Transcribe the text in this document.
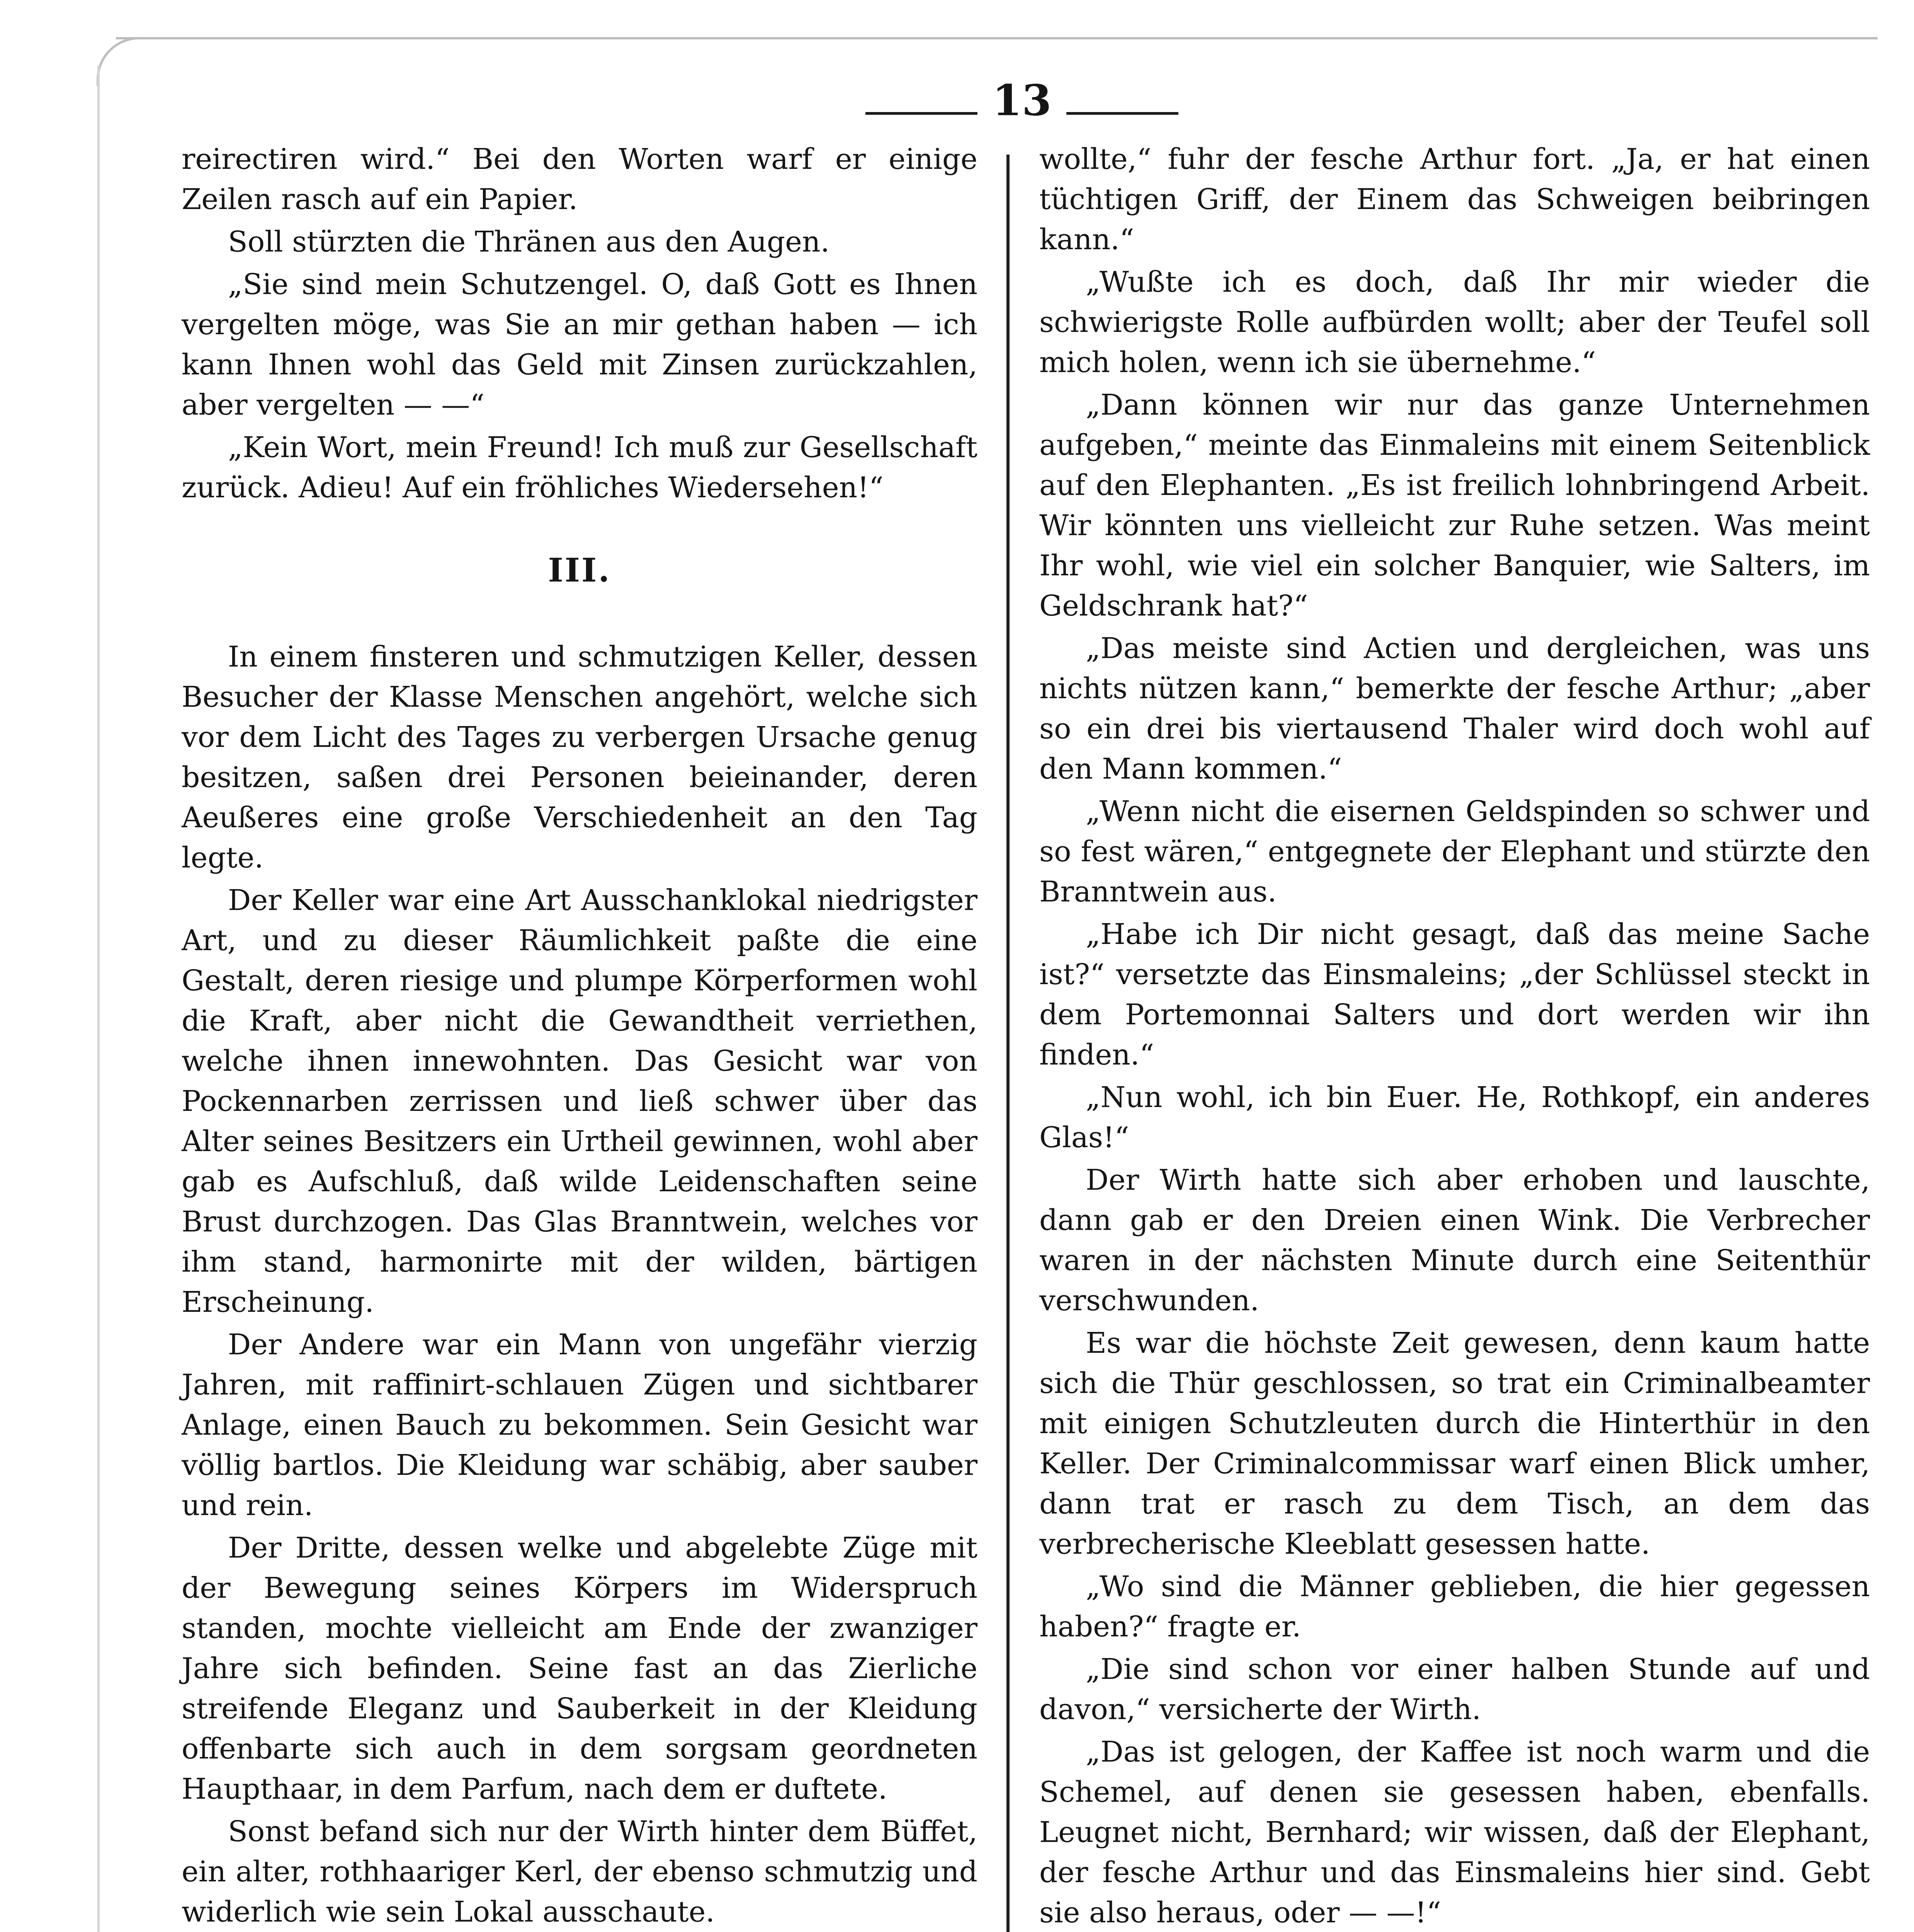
13

reirectiren wird.“ Bei den Worten warf er einige Zeilen rasch auf ein Papier.

Soll stürzten die Thränen aus den Augen.

„Sie sind mein Schutzengel. O, daß Gott es Ihnen vergelten möge, was Sie an mir gethan haben — ich kann Ihnen wohl das Geld mit Zinsen zurückzahlen, aber vergelten — —“

„Kein Wort, mein Freund! Ich muß zur Gesellschaft zurück. Adieu! Auf ein fröhliches Wiedersehen!“

III.

In einem finsteren und schmutzigen Keller, dessen Besucher der Klasse Menschen angehört, welche sich vor dem Licht des Tages zu verbergen Ursache genug besitzen, saßen drei Personen beieinander, deren Aeußeres eine große Verschiedenheit an den Tag legte.

Der Keller war eine Art Ausschanklokal niedrigster Art, und zu dieser Räumlichkeit paßte die eine Gestalt, deren riesige und plumpe Körperformen wohl die Kraft, aber nicht die Gewandtheit verriethen, welche ihnen innewohnten. Das Gesicht war von Pockennarben zerrissen und ließ schwer über das Alter seines Besitzers ein Urtheil gewinnen, wohl aber gab es Aufschluß, daß wilde Leidenschaften seine Brust durchzogen. Das Glas Branntwein, welches vor ihm stand, harmonirte mit der wilden, bärtigen Erscheinung.

Der Andere war ein Mann von ungefähr vierzig Jahren, mit raffinirt-schlauen Zügen und sichtbarer Anlage, einen Bauch zu bekommen. Sein Gesicht war völlig bartlos. Die Kleidung war schäbig, aber sauber und rein.

Der Dritte, dessen welke und abgelebte Züge mit der Bewegung seines Körpers im Widerspruch standen, mochte vielleicht am Ende der zwanziger Jahre sich befinden. Seine fast an das Zierliche streifende Eleganz und Sauberkeit in der Kleidung offenbarte sich auch in dem sorgsam geordneten Haupthaar, in dem Parfum, nach dem er duftete.

Sonst befand sich nur der Wirth hinter dem Büffet, ein alter, rothhaariger Kerl, der ebenso schmutzig und widerlich wie sein Lokal ausschaute.

wollte,“ fuhr der fesche Arthur fort. „Ja, er hat einen tüchtigen Griff, der Einem das Schweigen beibringen kann.“

„Wußte ich es doch, daß Ihr mir wieder die schwierigste Rolle aufbürden wollt; aber der Teufel soll mich holen, wenn ich sie übernehme.“

„Dann können wir nur das ganze Unternehmen aufgeben,“ meinte das Einmaleins mit einem Seitenblick auf den Elephanten. „Es ist freilich lohnbringend Arbeit. Wir könnten uns vielleicht zur Ruhe setzen. Was meint Ihr wohl, wie viel ein solcher Banquier, wie Salters, im Geldschrank hat?“

„Das meiste sind Actien und dergleichen, was uns nichts nützen kann,“ bemerkte der fesche Arthur; „aber so ein drei bis viertausend Thaler wird doch wohl auf den Mann kommen.“

„Wenn nicht die eisernen Geldspinden so schwer und so fest wären,“ entgegnete der Elephant und stürzte den Branntwein aus.

„Habe ich Dir nicht gesagt, daß das meine Sache ist?“ versetzte das Einsmaleins; „der Schlüssel steckt in dem Portemonnai Salters und dort werden wir ihn finden.“

„Nun wohl, ich bin Euer. He, Rothkopf, ein anderes Glas!“

Der Wirth hatte sich aber erhoben und lauschte, dann gab er den Dreien einen Wink. Die Verbrecher waren in der nächsten Minute durch eine Seitenthür verschwunden.

Es war die höchste Zeit gewesen, denn kaum hatte sich die Thür geschlossen, so trat ein Criminalbeamter mit einigen Schutzleuten durch die Hinterthür in den Keller. Der Criminalcommissar warf einen Blick umher, dann trat er rasch zu dem Tisch, an dem das verbrecherische Kleeblatt gesessen hatte.

„Wo sind die Männer geblieben, die hier gegessen haben?“ fragte er.

„Die sind schon vor einer halben Stunde auf und davon,“ versicherte der Wirth.

„Das ist gelogen, der Kaffee ist noch warm und die Schemel, auf denen sie gesessen haben, ebenfalls. Leugnet nicht, Bernhard; wir wissen, daß der Elephant, der fesche Arthur und das Einsmaleins hier sind. Gebt sie also heraus, oder — —!“
